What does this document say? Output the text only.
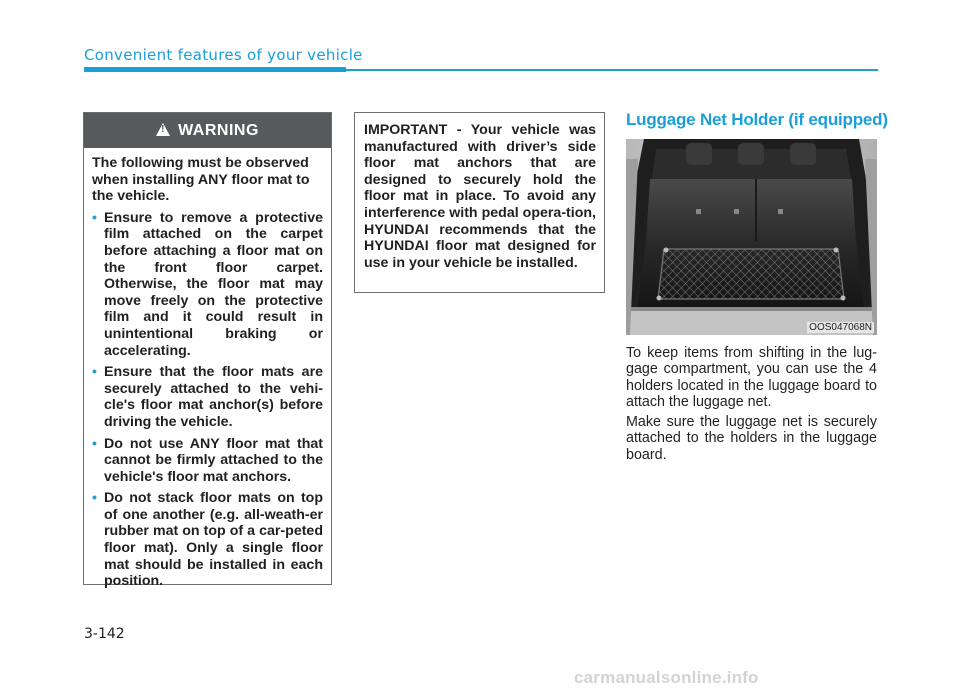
Convenient features of your vehicle
!
WARNING

The following must be observed when installing ANY floor mat to the vehicle.

• Ensure to remove a protective film attached on the carpet before attaching a floor mat on the front floor carpet. Otherwise, the floor mat may move freely on the protective film and it could result in unintentional braking or accelerating.
• Ensure that the floor mats are securely attached to the vehi-cle's floor mat anchor(s) before driving the vehicle.
• Do not use ANY floor mat that cannot be firmly attached to the vehicle's floor mat anchors.
• Do not stack floor mats on top of one another (e.g. all-weath-er rubber mat on top of a car-peted floor mat). Only a single floor mat should be installed in each position.
IMPORTANT - Your vehicle was manufactured with driver’s side floor mat anchors that are designed to securely hold the floor mat in place. To avoid any interference with pedal opera-tion, HYUNDAI recommends that the HYUNDAI floor mat designed for use in your vehicle be installed.
Luggage Net Holder (if equipped)
OOS047068N

To keep items from shifting in the lug-gage compartment, you can use the 4 holders located in the luggage board to attach the luggage net.

Make sure the luggage net is securely attached to the holders in the luggage board.

3-142
carmanualsonline.info
